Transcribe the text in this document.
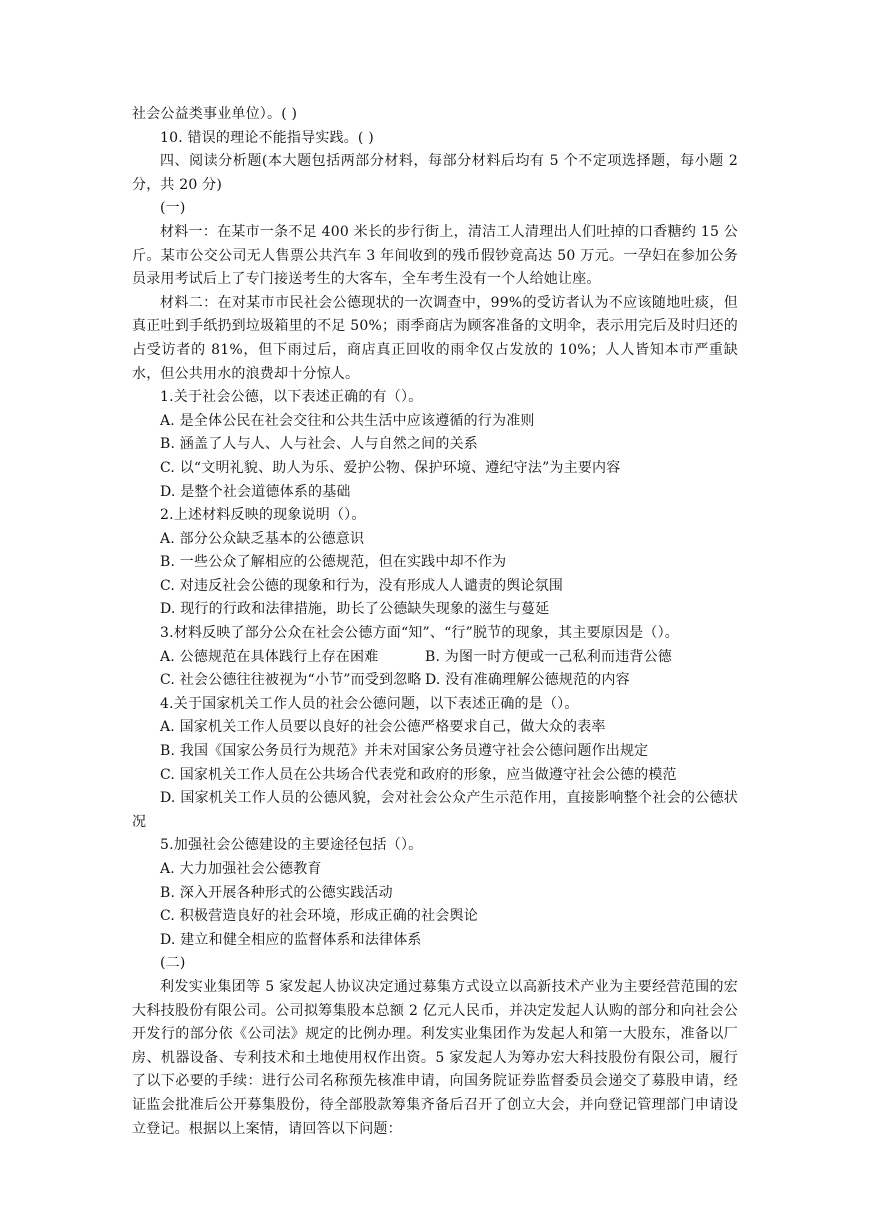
社会公益类事业单位）。( )

10. 错误的理论不能指导实践。( )

四、阅读分析题(本大题包括两部分材料，每部分材料后均有 5 个不定项选择题，每小题 2 分，共 20 分)

(一)

材料一：在某市一条不足 400 米长的步行街上，清洁工人清理出人们吐掉的口香糖约 15 公斤。某市公交公司无人售票公共汽车 3 年间收到的残币假钞竟高达 50 万元。一孕妇在参加公务员录用考试后上了专门接送考生的大客车，全车考生没有一个人给她让座。

材料二：在对某市市民社会公德现状的一次调查中，99%的受访者认为不应该随地吐痰，但真正吐到手纸扔到垃圾箱里的不足 50%；雨季商店为顾客准备的文明伞，表示用完后及时归还的占受访者的 81%，但下雨过后，商店真正回收的雨伞仅占发放的 10%；人人皆知本市严重缺水，但公共用水的浪费却十分惊人。

1.关于社会公德，以下表述正确的有（）。

A. 是全体公民在社会交往和公共生活中应该遵循的行为准则

B. 涵盖了人与人、人与社会、人与自然之间的关系

C. 以“文明礼貌、助人为乐、爱护公物、保护环境、遵纪守法”为主要内容

D. 是整个社会道德体系的基础

2.上述材料反映的现象说明（）。

A. 部分公众缺乏基本的公德意识

B. 一些公众了解相应的公德规范，但在实践中却不作为

C. 对违反社会公德的现象和行为，没有形成人人谴责的舆论氛围

D. 现行的行政和法律措施，助长了公德缺失现象的滋生与蔓延

3.材料反映了部分公众在社会公德方面“知”、“行”脱节的现象，其主要原因是（）。

A. 公德规范在具体践行上存在困难	B. 为图一时方便或一己私利而违背公德
C. 社会公德往往被视为“小节”而受到忽略 D. 没有准确理解公德规范的内容

4.关于国家机关工作人员的社会公德问题，以下表述正确的是（）。

A. 国家机关工作人员要以良好的社会公德严格要求自己，做大众的表率

B. 我国《国家公务员行为规范》并未对国家公务员遵守社会公德问题作出规定

C. 国家机关工作人员在公共场合代表党和政府的形象，应当做遵守社会公德的模范

D. 国家机关工作人员的公德风貌，会对社会公众产生示范作用，直接影响整个社会的公德状况

5.加强社会公德建设的主要途径包括（）。

A. 大力加强社会公德教育

B. 深入开展各种形式的公德实践活动

C. 积极营造良好的社会环境，形成正确的社会舆论

D. 建立和健全相应的监督体系和法律体系

(二)

利发实业集团等 5 家发起人协议决定通过募集方式设立以高新技术产业为主要经营范围的宏大科技股份有限公司。公司拟筹集股本总额 2 亿元人民币，并决定发起人认购的部分和向社会公开发行的部分依《公司法》规定的比例办理。利发实业集团作为发起人和第一大股东，准备以厂房、机器设备、专利技术和土地使用权作出资。5 家发起人为筹办宏大科技股份有限公司，履行了以下必要的手续：进行公司名称预先核准申请，向国务院证券监督委员会递交了募股申请，经证监会批准后公开募集股份，待全部股款筹集齐备后召开了创立大会，并向登记管理部门申请设立登记。根据以上案情，请回答以下问题：
